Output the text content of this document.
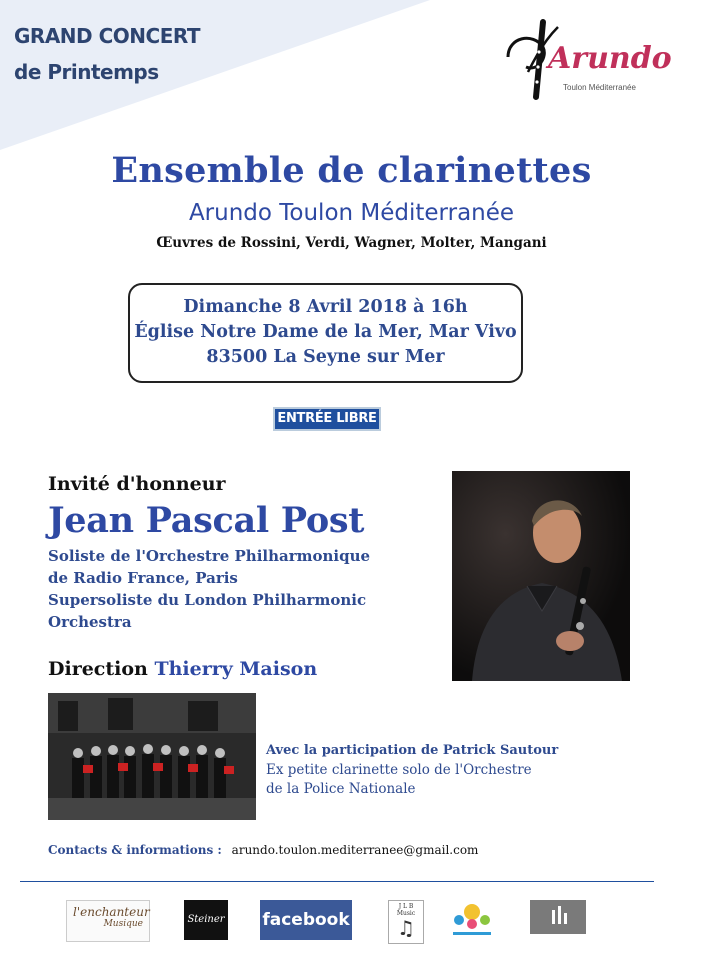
GRAND CONCERT
de Printemps	Arundo
Toulon Méditerranée
Ensemble de clarinettes
Arundo Toulon Méditerranée
Œuvres de Rossini, Verdi, Wagner, Molter, Mangani
Dimanche 8 Avril 2018 à 16h
Église Notre Dame de la Mer, Mar Vivo
83500 La Seyne sur Mer
ENTRÉE LIBRE
Invité d'honneur
Jean Pascal Post
Soliste de l'Orchestre Philharmonique
de Radio France, Paris
Supersoliste du London Philharmonic
Orchestra
Direction Thierry Maison
Avec la participation de Patrick Sautour
Ex petite clarinette solo de l'Orchestre
de la Police Nationale
Contacts & informations : arundo.toulon.mediterranee@gmail.com
l'enchanteur
Musique	Steiner facebook
J L B Music
♫
